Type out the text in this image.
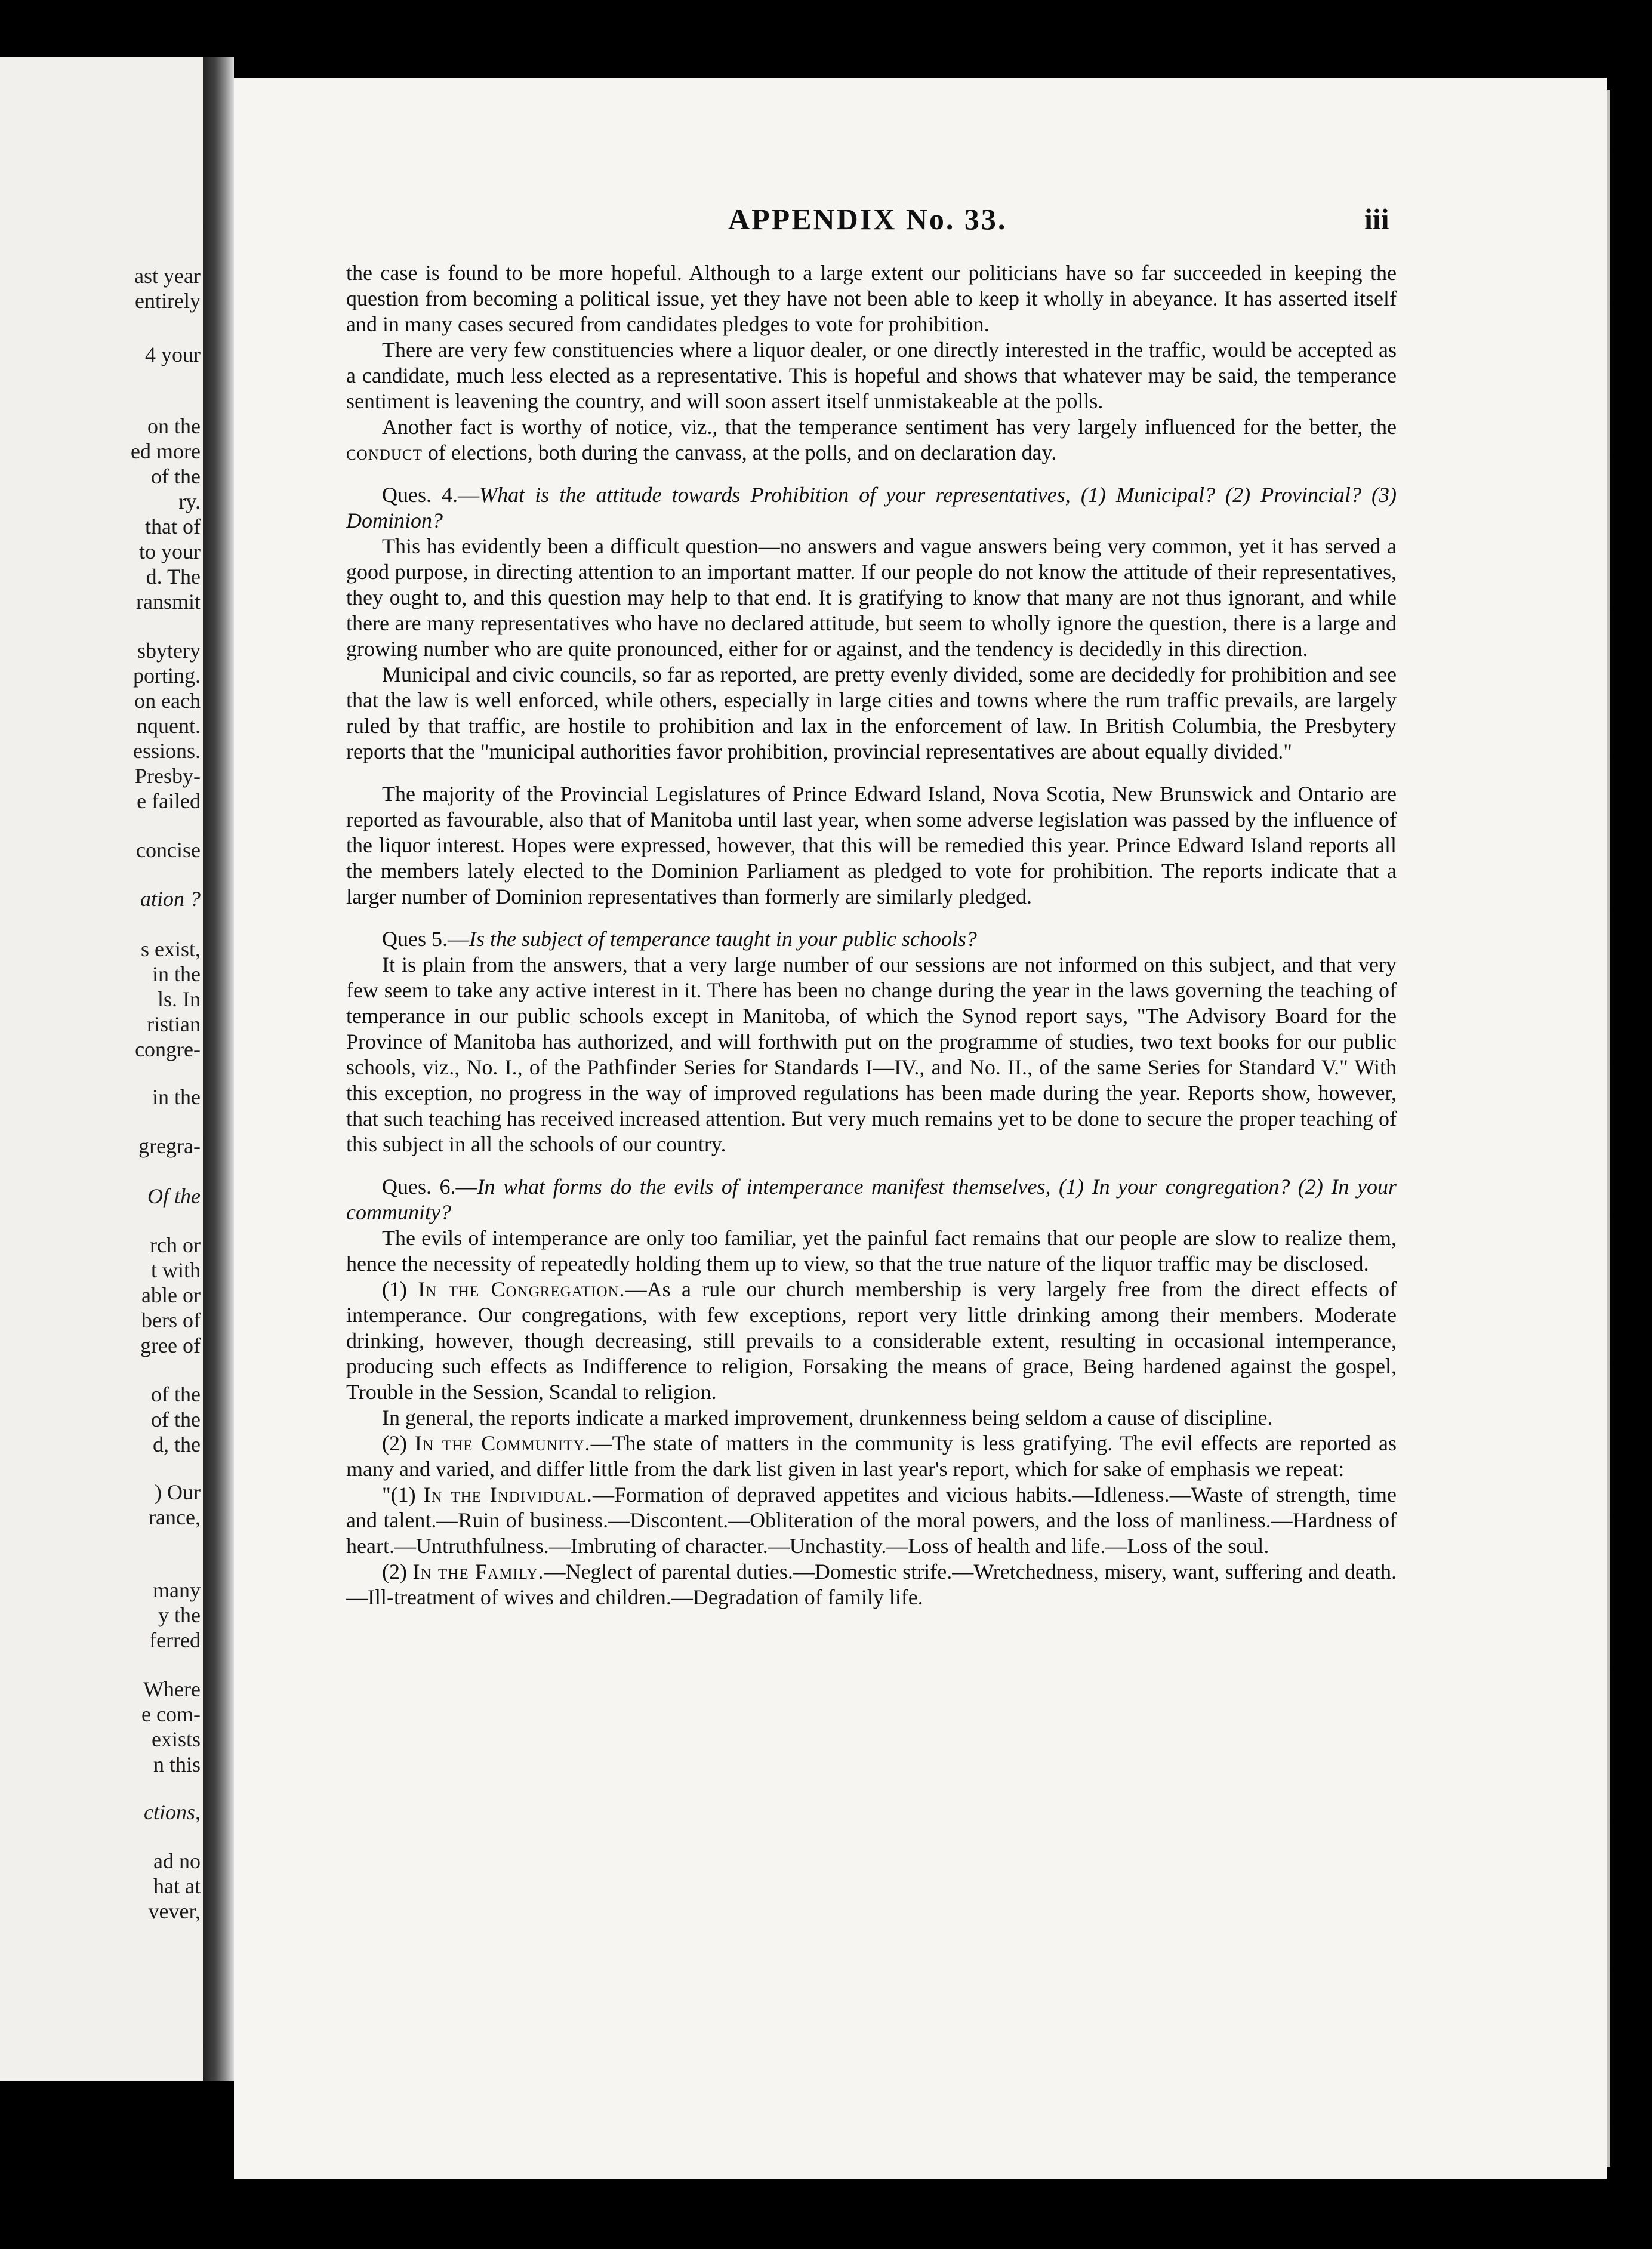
ast year
entirely
4 your
on the
ed more
of the
ry.
that of
to your
d. The
ransmit
sbytery
porting.
on each
nquent.
essions.
Presby-
e failed
concise
ation ?
s exist,
in the
ls. In
ristian
congre-
in the
gregra-
Of the
rch or
t with
able or
bers of
gree of
of the
of the
d, the
) Our
rance,
many
y the
ferred
Where
e com-
exists
n this
ctions,
ad no
hat at
vever,
APPENDIX No. 33.	iii

the case is found to be more hopeful. Although to a large extent our politicians have so far succeeded in keeping the question from becoming a political issue, yet they have not been able to keep it wholly in abeyance. It has asserted itself and in many cases secured from candidates pledges to vote for prohibition.

There are very few constituencies where a liquor dealer, or one directly interested in the traffic, would be accepted as a candidate, much less elected as a representative. This is hopeful and shows that whatever may be said, the temperance sentiment is leavening the country, and will soon assert itself unmistakeable at the polls.

Another fact is worthy of notice, viz., that the temperance sentiment has very largely influenced for the better, the conduct of elections, both during the canvass, at the polls, and on declaration day.

Ques. 4.—What is the attitude towards Prohibition of your representatives, (1) Municipal? (2) Provincial? (3) Dominion?

This has evidently been a difficult question—no answers and vague answers being very common, yet it has served a good purpose, in directing attention to an important matter. If our people do not know the attitude of their representatives, they ought to, and this question may help to that end. It is gratifying to know that many are not thus ignorant, and while there are many representatives who have no declared attitude, but seem to wholly ignore the question, there is a large and growing number who are quite pronounced, either for or against, and the tendency is decidedly in this direction.

Municipal and civic councils, so far as reported, are pretty evenly divided, some are decidedly for prohibition and see that the law is well enforced, while others, especially in large cities and towns where the rum traffic prevails, are largely ruled by that traffic, are hostile to prohibition and lax in the enforcement of law. In British Columbia, the Presbytery reports that the "municipal authorities favor prohibition, provincial representatives are about equally divided."

The majority of the Provincial Legislatures of Prince Edward Island, Nova Scotia, New Brunswick and Ontario are reported as favourable, also that of Manitoba until last year, when some adverse legislation was passed by the influence of the liquor interest. Hopes were expressed, however, that this will be remedied this year. Prince Edward Island reports all the members lately elected to the Dominion Parliament as pledged to vote for prohibition. The reports indicate that a larger number of Dominion representatives than formerly are similarly pledged.

Ques 5.—Is the subject of temperance taught in your public schools?

It is plain from the answers, that a very large number of our sessions are not informed on this subject, and that very few seem to take any active interest in it. There has been no change during the year in the laws governing the teaching of temperance in our public schools except in Manitoba, of which the Synod report says, "The Advisory Board for the Province of Manitoba has authorized, and will forthwith put on the programme of studies, two text books for our public schools, viz., No. I., of the Pathfinder Series for Standards I—IV., and No. II., of the same Series for Standard V." With this exception, no progress in the way of improved regulations has been made during the year. Reports show, however, that such teaching has received increased attention. But very much remains yet to be done to secure the proper teaching of this subject in all the schools of our country.

Ques. 6.—In what forms do the evils of intemperance manifest themselves, (1) In your congregation? (2) In your community?

The evils of intemperance are only too familiar, yet the painful fact remains that our people are slow to realize them, hence the necessity of repeatedly holding them up to view, so that the true nature of the liquor traffic may be disclosed.

(1) In the Congregation.—As a rule our church membership is very largely free from the direct effects of intemperance. Our congregations, with few exceptions, report very little drinking among their members. Moderate drinking, however, though decreasing, still prevails to a considerable extent, resulting in occasional intemperance, producing such effects as Indifference to religion, Forsaking the means of grace, Being hardened against the gospel, Trouble in the Session, Scandal to religion.

In general, the reports indicate a marked improvement, drunkenness being seldom a cause of discipline.

(2) In the Community.—The state of matters in the community is less gratifying. The evil effects are reported as many and varied, and differ little from the dark list given in last year's report, which for sake of emphasis we repeat:

"(1) In the Individual.—Formation of depraved appetites and vicious habits.—Idleness.—Waste of strength, time and talent.—Ruin of business.—Discontent.—Obliteration of the moral powers, and the loss of manliness.—Hardness of heart.—Untruthfulness.—Imbruting of character.—Unchastity.—Loss of health and life.—Loss of the soul.

(2) In the Family.—Neglect of parental duties.—Domestic strife.—Wretchedness, misery, want, suffering and death.—Ill-treatment of wives and children.—Degradation of family life.
